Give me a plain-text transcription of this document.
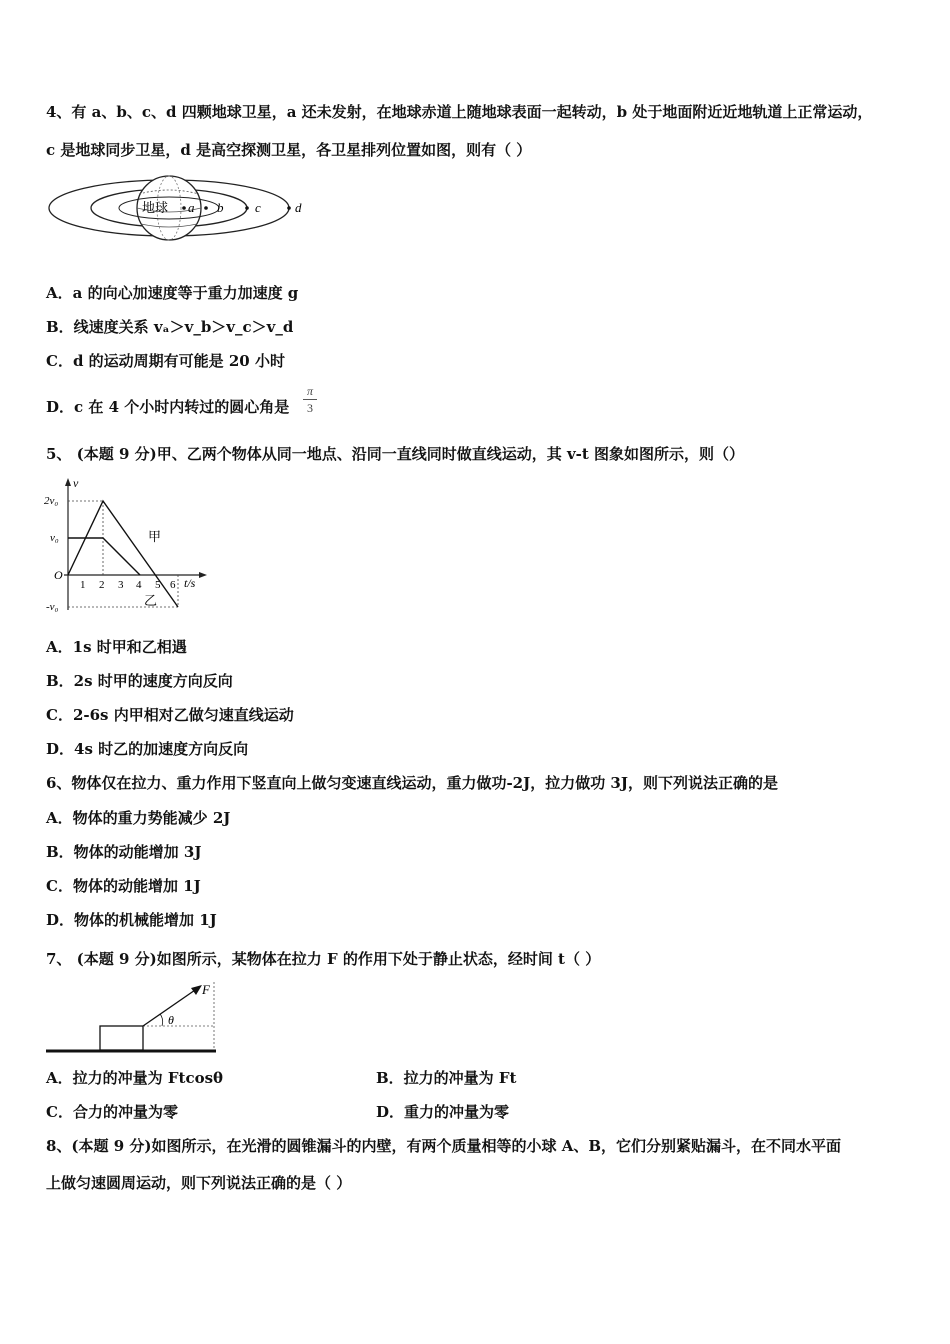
4、有 a、b、c、d 四颗地球卫星，a 还未发射，在地球赤道上随地球表面一起转动，b 处于地面附近近地轨道上正常运动，
c 是地球同步卫星，d 是高空探测卫星，各卫星排列位置如图，则有（ ）
地球 a b c	d
A．a 的向心加速度等于重力加速度 g
B．线速度关系 vₐ＞v_b＞v_c＞v_d
C．d 的运动周期有可能是 20 小时
D．c 在 4 个小时内转过的圆心角是
π
3
5、 (本题 9 分)甲、乙两个物体从同一地点、沿同一直线同时做直线运动，其 v-t 图象如图所示，则（）
v
t/s
O
2v₀
v₀
-v₀
1 2 3 4 5 6
甲
乙
A．1s 时甲和乙相遇
B．2s 时甲的速度方向反向
C．2-6s 内甲相对乙做匀速直线运动
D．4s 时乙的加速度方向反向
6、物体仅在拉力、重力作用下竖直向上做匀变速直线运动，重力做功-2J，拉力做功 3J，则下列说法正确的是
A．物体的重力势能减少 2J
B．物体的动能增加 3J
C．物体的动能增加 1J
D．物体的机械能增加 1J
7、 (本题 9 分)如图所示，某物体在拉力 F 的作用下处于静止状态，经时间 t（ ）
F
θ
A．拉力的冲量为 Ftcosθ	B．拉力的冲量为 Ft
C．合力的冲量为零	D．重力的冲量为零
8、(本题 9 分)如图所示，在光滑的圆锥漏斗的内壁，有两个质量相等的小球 A、B，它们分别紧贴漏斗，在不同水平面
上做匀速圆周运动，则下列说法正确的是（ ）
